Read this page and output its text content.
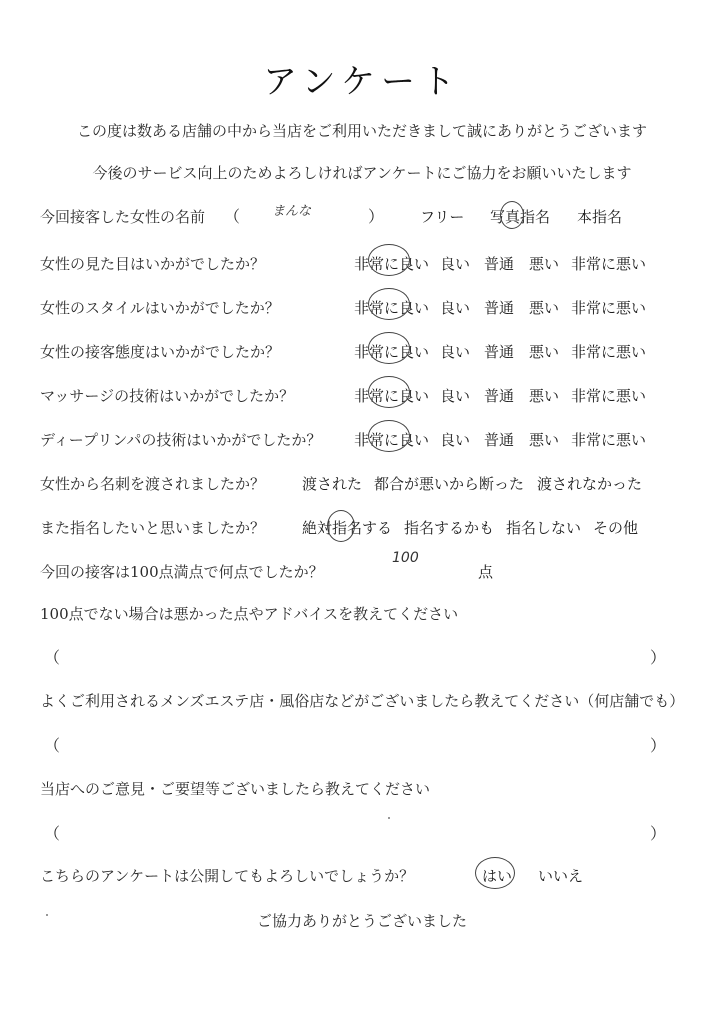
アンケート
この度は数ある店舗の中から当店をご利用いただきまして誠にありがとうございます
今後のサービス向上のためよろしければアンケートにご協力をお願いいたします
今回接客した女性の名前 （ まんな	） フリー 写真指名 本指名
女性の見た目はいかがでしたか？	非常に良い 良い 普通 悪い 非常に悪い
女性のスタイルはいかがでしたか？	非常に良い 良い 普通 悪い 非常に悪い
女性の接客態度はいかがでしたか？	非常に良い 良い 普通 悪い 非常に悪い
マッサージの技術はいかがでしたか？	非常に良い 良い 普通 悪い 非常に悪い
ディープリンパの技術はいかがでしたか？ 非常に良い 良い 普通 悪い 非常に悪い
女性から名刺を渡されましたか？ 渡された 都合が悪いから断った 渡されなかった
また指名したいと思いましたか？ 絶対指名する 指名するかも 指名しない その他
今回の接客は100点満点で何点でしたか？
100
点
100点でない場合は悪かった点やアドバイスを教えてください
（	）
よくご利用されるメンズエステ店・風俗店などがございましたら教えてください（何店舗でも）
（	）
当店へのご意見・ご要望等ございましたら教えてください
（	）
こちらのアンケートは公開してもよろしいでしょうか？	はい いいえ
ご協力ありがとうございました
